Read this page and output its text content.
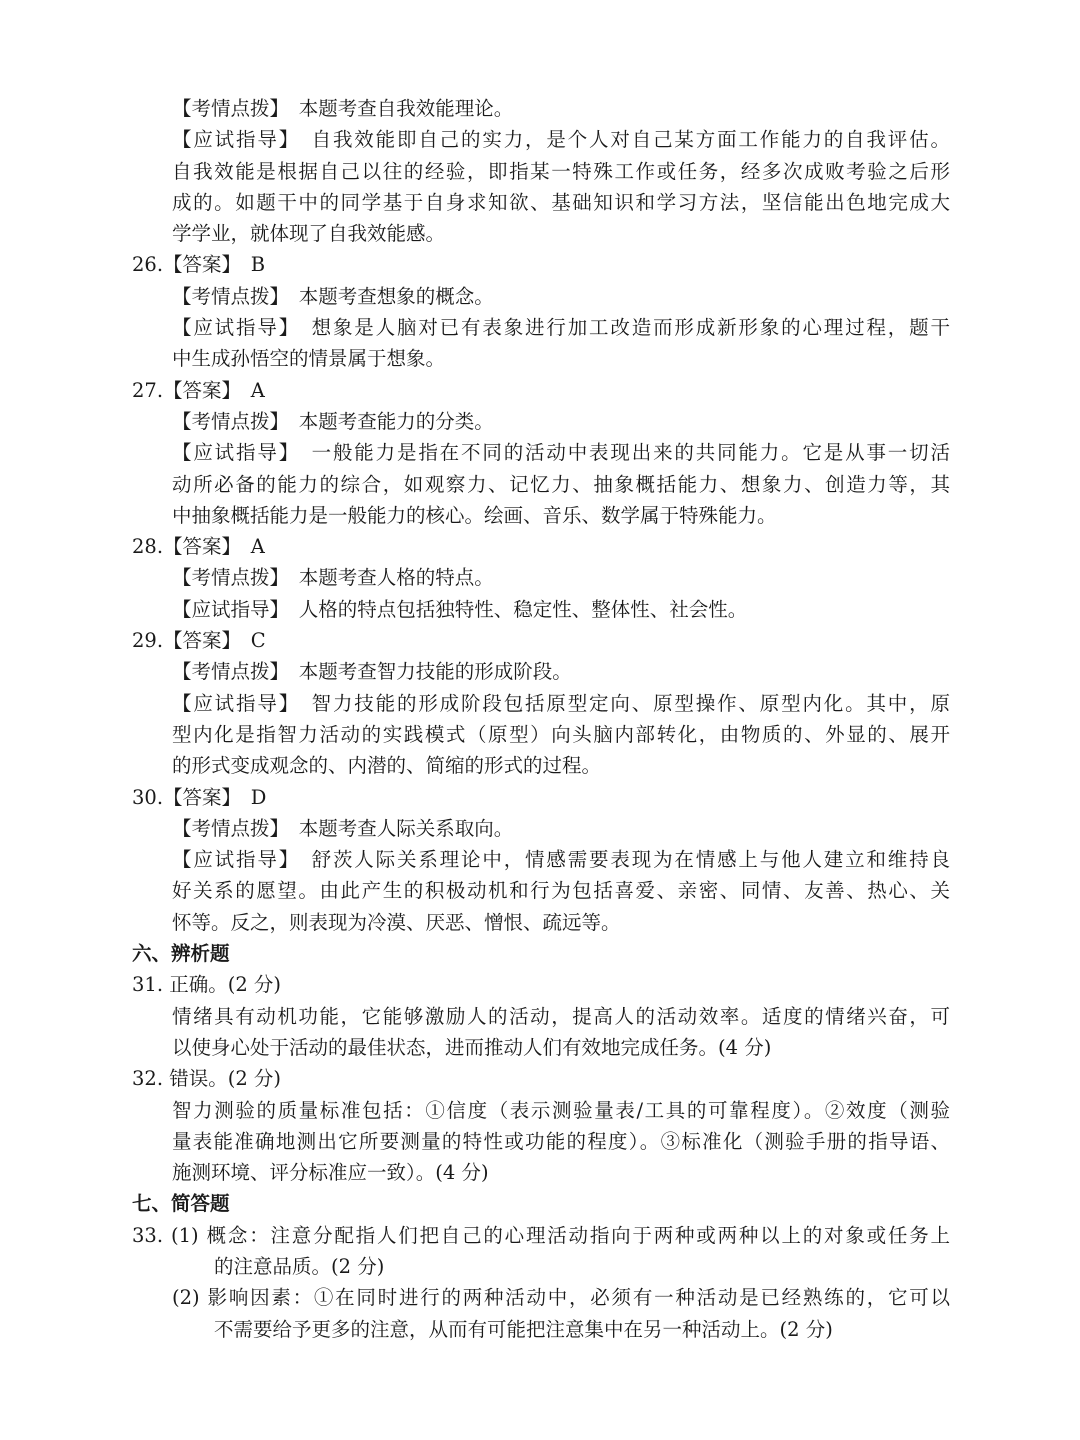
【考情点拨】　本题考查自我效能理论。
【应试指导】　自我效能即自己的实力，是个人对自己某方面工作能力的自我评估。
自我效能是根据自己以往的经验，即指某一特殊工作或任务，经多次成败考验之后形
成的。如题干中的同学基于自身求知欲、基础知识和学习方法，坚信能出色地完成大
学学业，就体现了自我效能感。
26.【答案】　B
【考情点拨】　本题考查想象的概念。
【应试指导】　想象是人脑对已有表象进行加工改造而形成新形象的心理过程，题干
中生成孙悟空的情景属于想象。
27.【答案】　A
【考情点拨】　本题考查能力的分类。
【应试指导】　一般能力是指在不同的活动中表现出来的共同能力。它是从事一切活
动所必备的能力的综合，如观察力、记忆力、抽象概括能力、想象力、创造力等，其
中抽象概括能力是一般能力的核心。绘画、音乐、数学属于特殊能力。
28.【答案】　A
【考情点拨】　本题考查人格的特点。
【应试指导】　人格的特点包括独特性、稳定性、整体性、社会性。
29.【答案】　C
【考情点拨】　本题考查智力技能的形成阶段。
【应试指导】　智力技能的形成阶段包括原型定向、原型操作、原型内化。其中，原
型内化是指智力活动的实践模式（原型）向头脑内部转化，由物质的、外显的、展开
的形式变成观念的、内潜的、简缩的形式的过程。
30.【答案】　D
【考情点拨】　本题考查人际关系取向。
【应试指导】　舒茨人际关系理论中，情感需要表现为在情感上与他人建立和维持良
好关系的愿望。由此产生的积极动机和行为包括喜爱、亲密、同情、友善、热心、关
怀等。反之，则表现为冷漠、厌恶、憎恨、疏远等。
六、辨析题
31. 正确。(2 分)
情绪具有动机功能，它能够激励人的活动，提高人的活动效率。适度的情绪兴奋，可
以使身心处于活动的最佳状态，进而推动人们有效地完成任务。(4 分)
32. 错误。(2 分)
智力测验的质量标准包括：①信度（表示测验量表/工具的可靠程度）。②效度（测验
量表能准确地测出它所要测量的特性或功能的程度）。③标准化（测验手册的指导语、
施测环境、评分标准应一致）。(4 分)
七、简答题
33. (1) 概念：注意分配指人们把自己的心理活动指向于两种或两种以上的对象或任务上
的注意品质。(2 分)
(2) 影响因素：①在同时进行的两种活动中，必须有一种活动是已经熟练的，它可以
不需要给予更多的注意，从而有可能把注意集中在另一种活动上。(2 分)
